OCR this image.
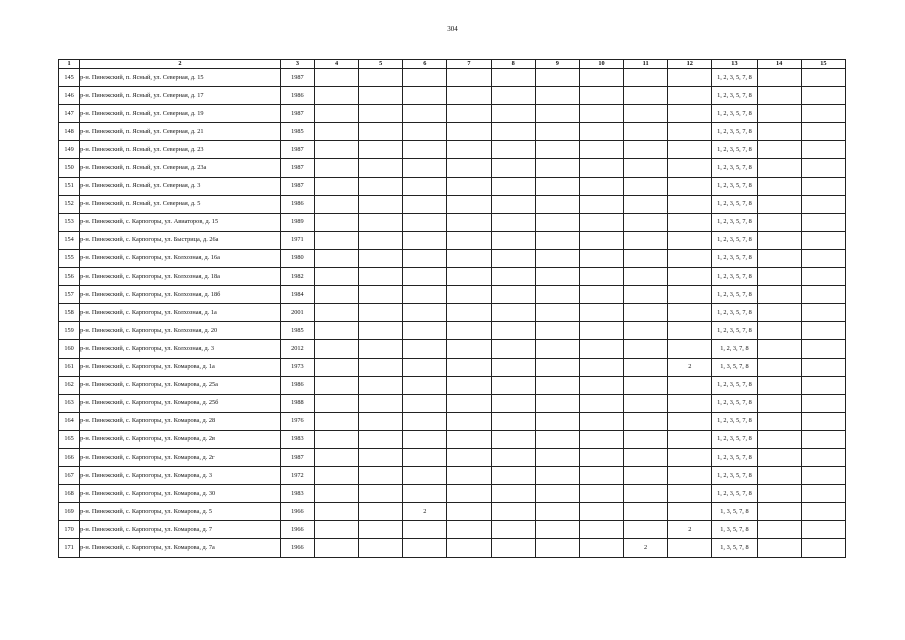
304
1	2	3	4	5	6	7	8	9	10	11	12	13	14	15
145	р-н. Пинежский, п. Ясный, ул. Северная, д. 15	1987										1, 2, 3, 5, 7, 8		
146	р-н. Пинежский, п. Ясный, ул. Северная, д. 17	1986										1, 2, 3, 5, 7, 8		
147	р-н. Пинежский, п. Ясный, ул. Северная, д. 19	1987										1, 2, 3, 5, 7, 8		
148	р-н. Пинежский, п. Ясный, ул. Северная, д. 21	1985										1, 2, 3, 5, 7, 8		
149	р-н. Пинежский, п. Ясный, ул. Северная, д. 23	1987										1, 2, 3, 5, 7, 8		
150	р-н. Пинежский, п. Ясный, ул. Северная, д. 23а	1987										1, 2, 3, 5, 7, 8		
151	р-н. Пинежский, п. Ясный, ул. Северная, д. 3	1987										1, 2, 3, 5, 7, 8		
152	р-н. Пинежский, п. Ясный, ул. Северная, д. 5	1986										1, 2, 3, 5, 7, 8		
153	р-н. Пинежский, с. Карпогоры, ул. Авиаторов, д. 15	1989										1, 2, 3, 5, 7, 8		
154	р-н. Пинежский, с. Карпогоры, ул. Быстрица, д. 26а	1971										1, 2, 3, 5, 7, 8		
155	р-н. Пинежский, с. Карпогоры, ул. Колхозная, д. 16а	1980										1, 2, 3, 5, 7, 8		
156	р-н. Пинежский, с. Карпогоры, ул. Колхозная, д. 18а	1982										1, 2, 3, 5, 7, 8		
157	р-н. Пинежский, с. Карпогоры, ул. Колхозная, д. 18б	1984										1, 2, 3, 5, 7, 8		
158	р-н. Пинежский, с. Карпогоры, ул. Колхозная, д. 1а	2001										1, 2, 3, 5, 7, 8		
159	р-н. Пинежский, с. Карпогоры, ул. Колхозная, д. 20	1985										1, 2, 3, 5, 7, 8		
160	р-н. Пинежский, с. Карпогоры, ул. Колхозная, д. 3	2012										1, 2, 3, 7, 8		
161	р-н. Пинежский, с. Карпогоры, ул. Комарова, д. 1а	1973									2	1, 3, 5, 7, 8		
162	р-н. Пинежский, с. Карпогоры, ул. Комарова, д. 25а	1986										1, 2, 3, 5, 7, 8		
163	р-н. Пинежский, с. Карпогоры, ул. Комарова, д. 25б	1988										1, 2, 3, 5, 7, 8		
164	р-н. Пинежский, с. Карпогоры, ул. Комарова, д. 28	1976										1, 2, 3, 5, 7, 8		
165	р-н. Пинежский, с. Карпогоры, ул. Комарова, д. 2в	1983										1, 2, 3, 5, 7, 8		
166	р-н. Пинежский, с. Карпогоры, ул. Комарова, д. 2г	1987										1, 2, 3, 5, 7, 8		
167	р-н. Пинежский, с. Карпогоры, ул. Комарова, д. 3	1972										1, 2, 3, 5, 7, 8		
168	р-н. Пинежский, с. Карпогоры, ул. Комарова, д. 30	1983										1, 2, 3, 5, 7, 8		
169	р-н. Пинежский, с. Карпогоры, ул. Комарова, д. 5	1966			2							1, 3, 5, 7, 8		
170	р-н. Пинежский, с. Карпогоры, ул. Комарова, д. 7	1966									2	1, 3, 5, 7, 8		
171	р-н. Пинежский, с. Карпогоры, ул. Комарова, д. 7а	1966								2		1, 3, 5, 7, 8		
